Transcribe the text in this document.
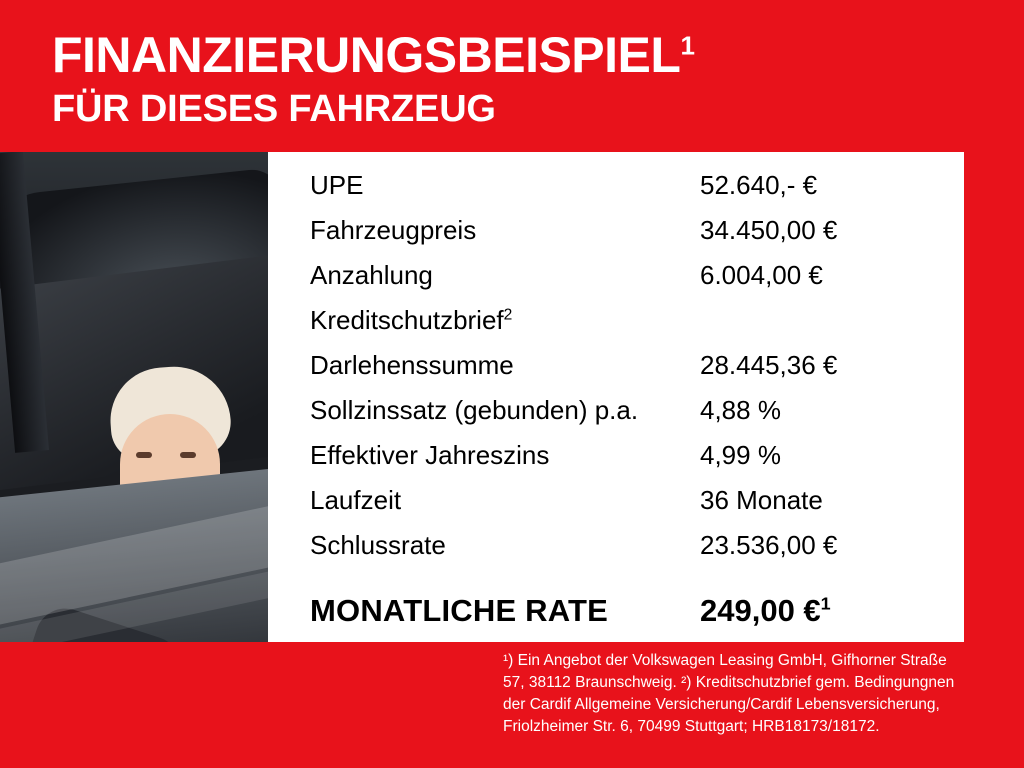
FINANZIERUNGSBEISPIEL$^1$
FÜR DIESES FAHRZEUG
UPE	52.640,- €
Fahrzeugpreis	34.450,00 €
Anzahlung	6.004,00 €
Kreditschutzbrief$^2$
Darlehenssumme	28.445,36 €
Sollzinssatz (gebunden) p.a.	4,88 %
Effektiver Jahreszins	4,99 %
Laufzeit	36 Monate
Schlussrate	23.536,00 €
MONATLICHE RATE	249,00 €$^1$

¹) Ein Angebot der Volkswagen Leasing GmbH, Gifhorner Straße 57, 38112 Braunschweig. ²) Kreditschutzbrief gem. Bedingungnen der Cardif Allgemeine Versicherung/Cardif Lebensversicherung, Friolzheimer Str. 6, 70499 Stuttgart; HRB18173/18172.
